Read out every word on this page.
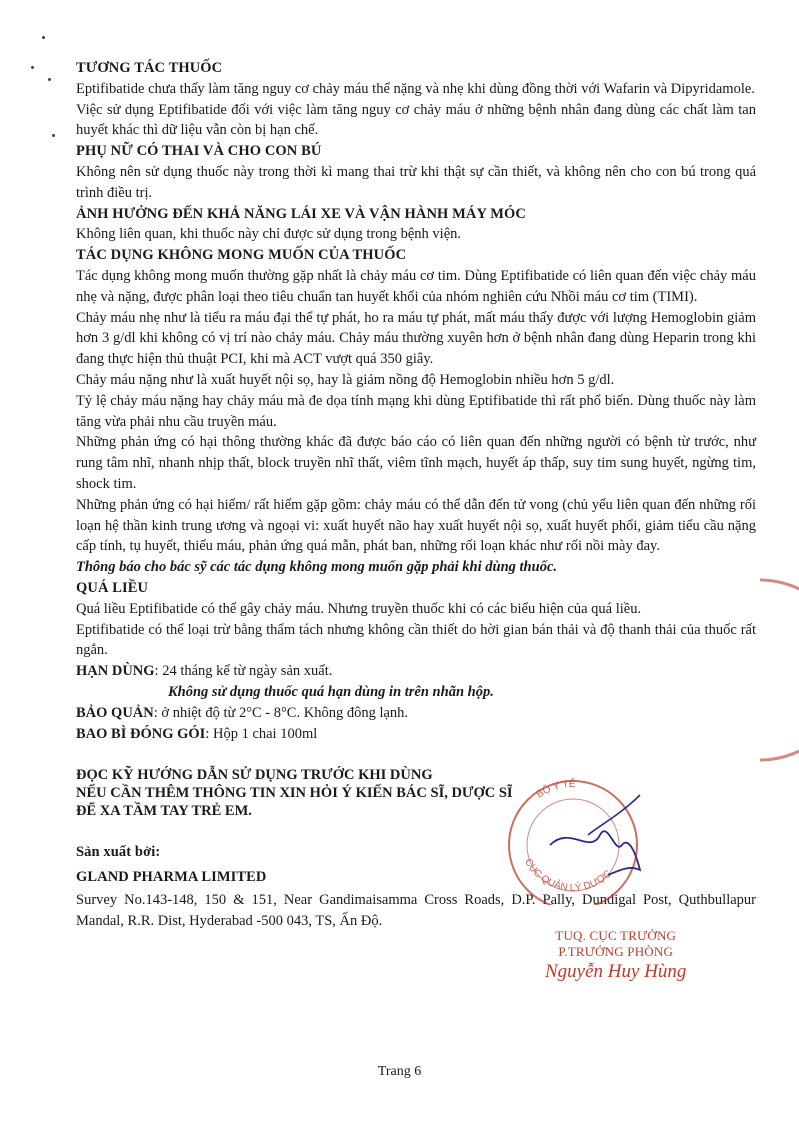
TƯƠNG TÁC THUỐC

Eptifibatide chưa thấy làm tăng nguy cơ chảy máu thể nặng và nhẹ khi dùng đồng thời với Wafarin và Dipyridamole.

Việc sử dụng Eptifibatide đối với việc làm tăng nguy cơ chảy máu ở những bệnh nhân đang dùng các chất làm tan huyết khác thì dữ liệu vẫn còn bị hạn chế.

PHỤ NỮ CÓ THAI VÀ CHO CON BÚ

Không nên sử dụng thuốc này trong thời kì mang thai trừ khi thật sự cần thiết, và không nên cho con bú trong quá trình điều trị.

ẢNH HƯỞNG ĐẾN KHẢ NĂNG LÁI XE VÀ VẬN HÀNH MÁY MÓC

Không liên quan, khi thuốc này chỉ được sử dụng trong bệnh viện.

TÁC DỤNG KHÔNG MONG MUỐN CỦA THUỐC

Tác dụng không mong muốn thường gặp nhất là chảy máu cơ tim. Dùng Eptifibatide có liên quan đến việc chảy máu nhẹ và nặng, được phân loại theo tiêu chuẩn tan huyết khối của nhóm nghiên cứu Nhồi máu cơ tim (TIMI).

Chảy máu nhẹ như là tiểu ra máu đại thể tự phát, ho ra máu tự phát, mất máu thấy được với lượng Hemoglobin giảm hơn 3 g/dl khi không có vị trí nào chảy máu. Chảy máu thường xuyên hơn ở bệnh nhân đang dùng Heparin trong khi đang thực hiện thủ thuật PCI, khi mà ACT vượt quá 350 giây.

Chảy máu nặng như là xuất huyết nội sọ, hay là giảm nồng độ Hemoglobin nhiều hơn 5 g/dl.

Tỷ lệ chảy máu nặng hay chảy máu mà đe dọa tính mạng khi dùng Eptifibatide thì rất phổ biến. Dùng thuốc này làm tăng vừa phải nhu cầu truyền máu.

Những phản ứng có hại thông thường khác đã được báo cáo có liên quan đến những người có bệnh từ trước, như rung tâm nhĩ, nhanh nhịp thất, block truyền nhĩ thất, viêm tĩnh mạch, huyết áp thấp, suy tim sung huyết, ngừng tim, shock tim.

Những phản ứng có hại hiếm/ rất hiếm gặp gồm: chảy máu có thể dẫn đến tử vong (chủ yếu liên quan đến những rối loạn hệ thần kinh trung ương và ngoại vi: xuất huyết não hay xuất huyết nội sọ, xuất huyết phổi, giảm tiểu cầu nặng cấp tính, tụ huyết, thiếu máu, phản ứng quá mẫn, phát ban, những rối loạn khác như rối nồi mày đay.

Thông báo cho bác sỹ các tác dụng không mong muốn gặp phải khi dùng thuốc.

QUÁ LIỀU

Quá liều Eptifibatide có thể gây chảy máu. Nhưng truyền thuốc khi có các biểu hiện của quá liều.

Eptifibatide có thể loại trừ bằng thẩm tách nhưng không cần thiết do hời gian bán thải và độ thanh thải của thuốc rất ngắn.

HẠN DÙNG: 24 tháng kể từ ngày sản xuất.

Không sử dụng thuốc quá hạn dùng in trên nhãn hộp.

BẢO QUẢN: ở nhiệt độ từ 2°C - 8°C. Không đông lạnh.

BAO BÌ ĐÓNG GÓI: Hộp 1 chai 100ml

ĐỌC KỸ HƯỚNG DẪN SỬ DỤNG TRƯỚC KHI DÙNG

NẾU CẦN THÊM THÔNG TIN XIN HỎI Ý KIẾN BÁC SĨ, DƯỢC SĨ

ĐỂ XA TẦM TAY TRẺ EM.

Sản xuất bởi:

GLAND PHARMA LIMITED

Survey No.143-148, 150 & 151, Near Gandimaisamma Cross Roads, D.P. Pally, Dundigal Post, Quthbullapur Mandal, R.R. Dist, Hyderabad -500 043, TS, Ấn Độ.

BỘ Y TẾ
CỤC QUẢN LÝ DƯỢC
TUQ. CỤC TRƯỞNG
P.TRƯỞNG PHÒNG
Nguyễn Huy Hùng
Trang 6
